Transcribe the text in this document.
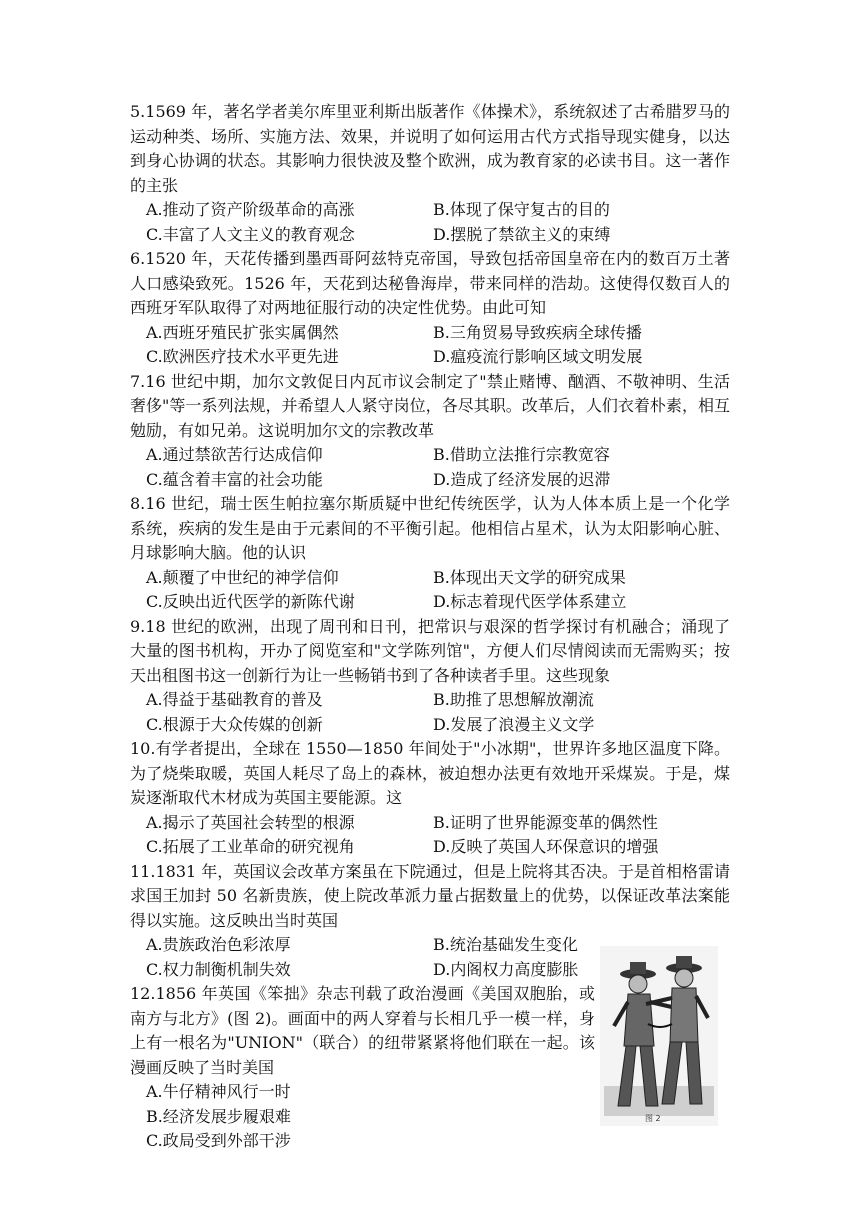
5.1569 年，著名学者美尔库里亚利斯出版著作《体操术》，系统叙述了古希腊罗马的运动种类、场所、实施方法、效果，并说明了如何运用古代方式指导现实健身，以达到身心协调的状态。其影响力很快波及整个欧洲，成为教育家的必读书目。这一著作的主张

A.推动了资产阶级革命的高涨	B.体现了保守复古的目的
C.丰富了人文主义的教育观念	D.摆脱了禁欲主义的束缚

6.1520 年，天花传播到墨西哥阿兹特克帝国，导致包括帝国皇帝在内的数百万土著人口感染致死。1526 年，天花到达秘鲁海岸，带来同样的浩劫。这使得仅数百人的西班牙军队取得了对两地征服行动的决定性优势。由此可知

A.西班牙殖民扩张实属偶然	B.三角贸易导致疾病全球传播
C.欧洲医疗技术水平更先进	D.瘟疫流行影响区域文明发展

7.16 世纪中期，加尔文敦促日内瓦市议会制定了"禁止赌博、酗酒、不敬神明、生活奢侈"等一系列法规，并希望人人紧守岗位，各尽其职。改革后，人们衣着朴素，相互勉励，有如兄弟。这说明加尔文的宗教改革

A.通过禁欲苦行达成信仰	B.借助立法推行宗教宽容
C.蕴含着丰富的社会功能	D.造成了经济发展的迟滞

8.16 世纪，瑞士医生帕拉塞尔斯质疑中世纪传统医学，认为人体本质上是一个化学系统，疾病的发生是由于元素间的不平衡引起。他相信占星术，认为太阳影响心脏、月球影响大脑。他的认识

A.颠覆了中世纪的神学信仰	B.体现出天文学的研究成果
C.反映出近代医学的新陈代谢	D.标志着现代医学体系建立

9.18 世纪的欧洲，出现了周刊和日刊，把常识与艰深的哲学探讨有机融合；涌现了大量的图书机构，开办了阅览室和"文学陈列馆"，方便人们尽情阅读而无需购买；按天出租图书这一创新行为让一些畅销书到了各种读者手里。这些现象

A.得益于基础教育的普及	B.助推了思想解放潮流
C.根源于大众传媒的创新	D.发展了浪漫主义文学

10.有学者提出，全球在 1550—1850 年间处于"小冰期"，世界许多地区温度下降。为了烧柴取暖，英国人耗尽了岛上的森林，被迫想办法更有效地开采煤炭。于是，煤炭逐渐取代木材成为英国主要能源。这

A.揭示了英国社会转型的根源	B.证明了世界能源变革的偶然性
C.拓展了工业革命的研究视角	D.反映了英国人环保意识的增强

11.1831 年，英国议会改革方案虽在下院通过，但是上院将其否决。于是首相格雷请求国王加封 50 名新贵族，使上院改革派力量占据数量上的优势，以保证改革法案能得以实施。这反映出当时英国

A.贵族政治色彩浓厚	B.统治基础发生变化
C.权力制衡机制失效	D.内阁权力高度膨胀

12.1856 年英国《笨拙》杂志刊载了政治漫画《美国双胞胎，或南方与北方》(图 2)。画面中的两人穿着与长相几乎一模一样，身上有一根名为"UNION"（联合）的纽带紧紧将他们联在一起。该漫画反映了当时美国

A.牛仔精神风行一时
B.经济发展步履艰难
C.政局受到外部干涉
图 2
